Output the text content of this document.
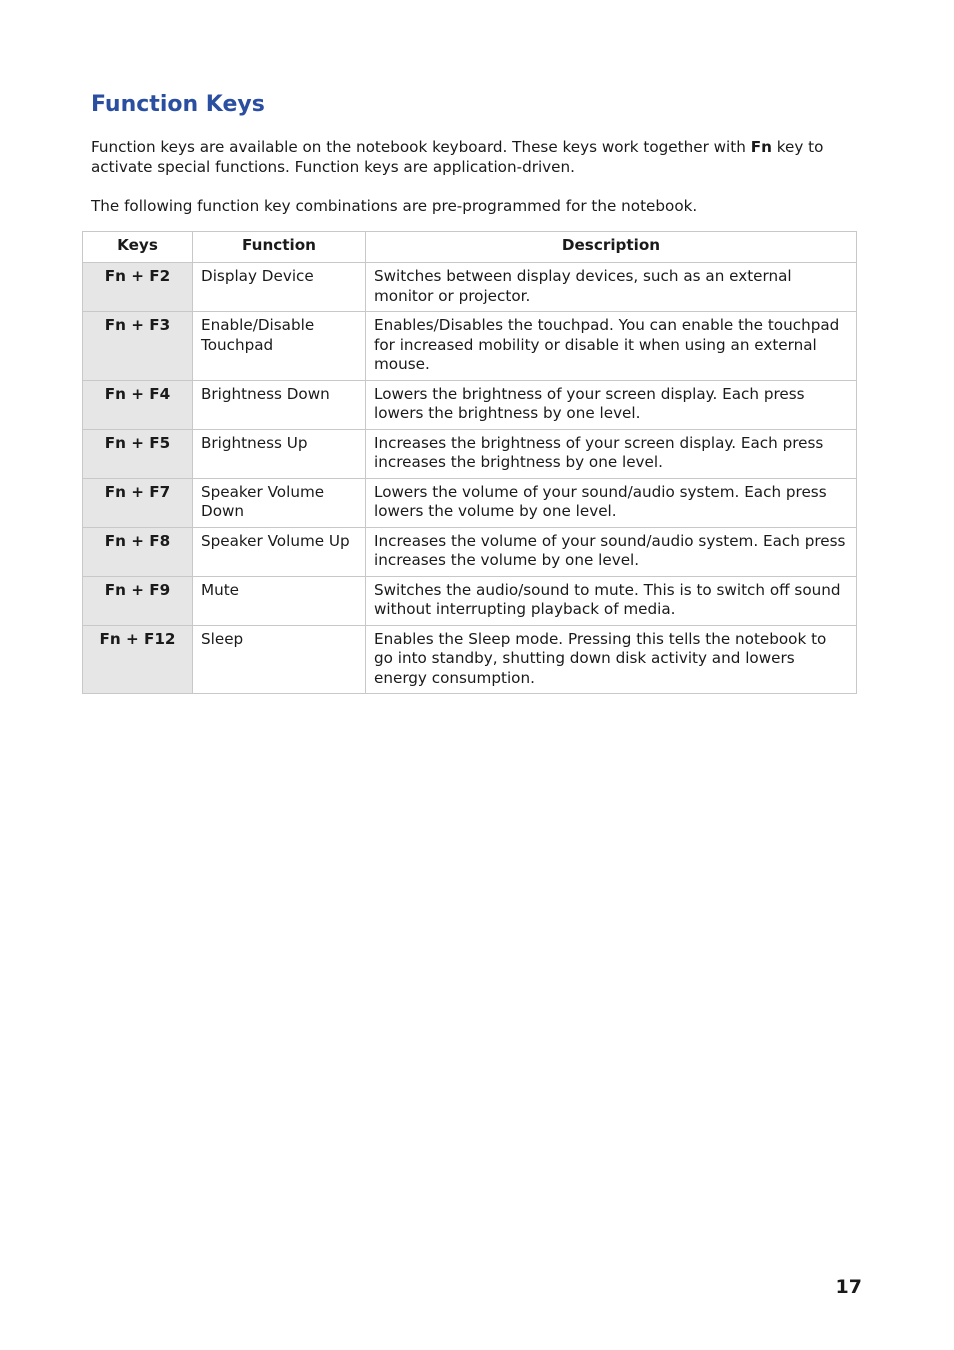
Function Keys

Function keys are available on the notebook keyboard. These keys work together with Fn key to activate special functions. Function keys are application-driven.

The following function key combinations are pre-programmed for the notebook.

Keys	Function	Description
Fn + F2	Display Device	Switches between display devices, such as an external monitor or projector.
Fn + F3	Enable/Disable Touchpad	Enables/Disables the touchpad. You can enable the touchpad for increased mobility or disable it when using an external mouse.
Fn + F4	Brightness Down	Lowers the brightness of your screen display. Each press lowers the brightness by one level.
Fn + F5	Brightness Up	Increases the brightness of your screen display. Each press increases the brightness by one level.
Fn + F7	Speaker Volume Down	Lowers the volume of your sound/audio system. Each press lowers the volume by one level.
Fn + F8	Speaker Volume Up	Increases the volume of your sound/audio system. Each press increases the volume by one level.
Fn + F9	Mute	Switches the audio/sound to mute. This is to switch off sound without interrupting playback of media.
Fn + F12	Sleep	Enables the Sleep mode. Pressing this tells the notebook to go into standby, shutting down disk activity and lowers energy consumption.
17
